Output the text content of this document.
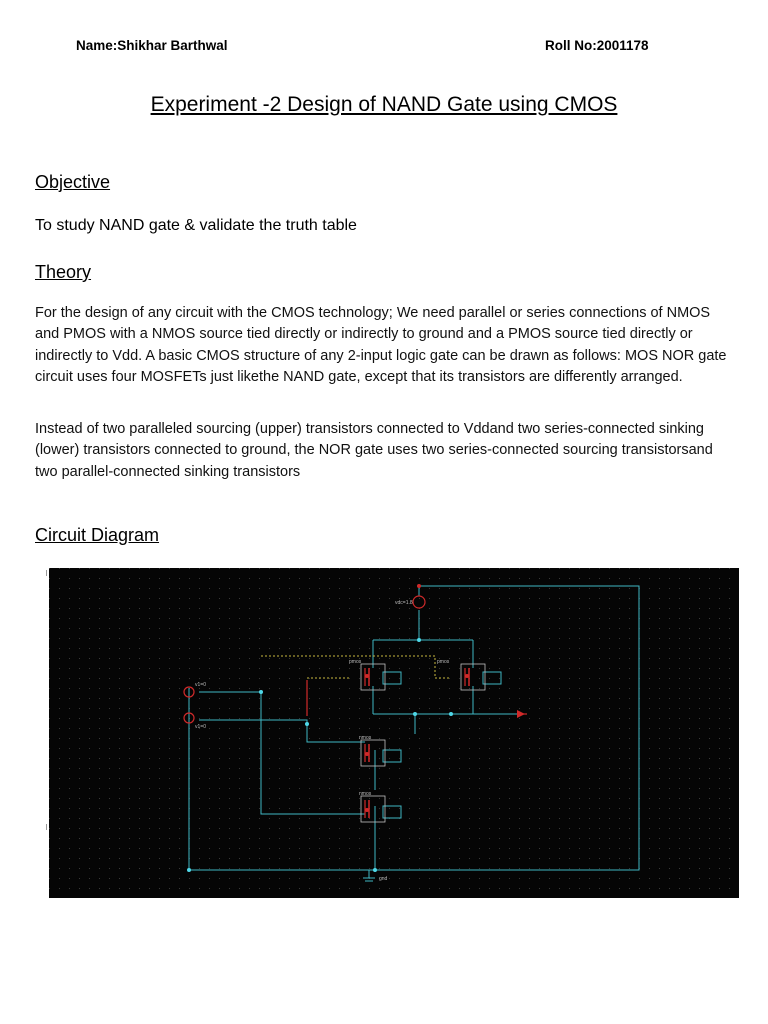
Name:Shikhar Barthwal	Roll No:2001178
Experiment -2 Design of NAND Gate using CMOS
Objective
To study NAND gate & validate the truth table
Theory

For the design of any circuit with the CMOS technology; We need parallel or series connections of NMOS and PMOS with a NMOS source tied directly or indirectly to ground and a PMOS source tied directly or indirectly to Vdd. A basic CMOS structure of any 2-input logic gate can be drawn as follows: MOS NOR gate circuit uses four MOSFETs just likethe NAND gate, except that its transistors are differently arranged.

Instead of two paralleled sourcing (upper) transistors connected to Vddand two series-connected sinking (lower) transistors connected to ground, the NOR gate uses two series-connected sourcing transistorsand two parallel-connected sinking transistors

Circuit Diagram
pmos	pmos
nmos
nmos
vdc=1.8
v1=0
v1=0
gnd
